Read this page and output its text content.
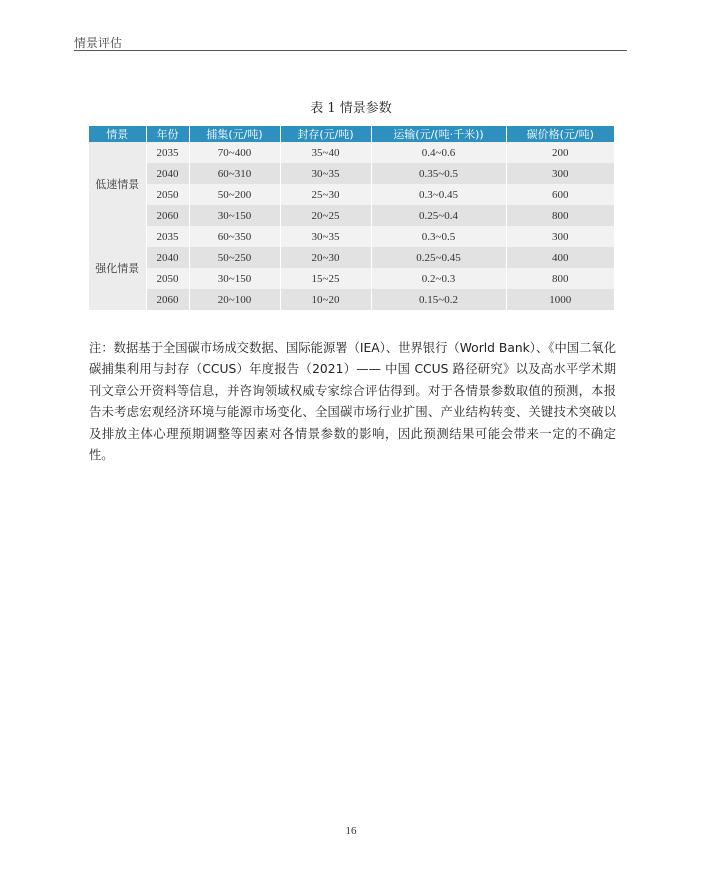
情景评估
表 1 情景参数
情景	年份	捕集(元/吨)	封存(元/吨)	运输(元/(吨·千米))	碳价格(元/吨)
低速情景	2035	70~400	35~40	0.4~0.6	200
	2040	60~310	30~35	0.35~0.5	300
	2050	50~200	25~30	0.3~0.45	600
	2060	30~150	20~25	0.25~0.4	800
强化情景	2035	60~350	30~35	0.3~0.5	300
	2040	50~250	20~30	0.25~0.45	400
	2050	30~150	15~25	0.2~0.3	800
	2060	20~100	10~20	0.15~0.2	1000
注：数据基于全国碳市场成交数据、国际能源署（IEA）、世界银行（World Bank）、《中国二氧化碳捕集利用与封存（CCUS）年度报告（2021）—— 中国 CCUS 路径研究》以及高水平学术期刊文章公开资料等信息，并咨询领域权威专家综合评估得到。对于各情景参数取值的预测，本报告未考虑宏观经济环境与能源市场变化、全国碳市场行业扩围、产业结构转变、关键技术突破以及排放主体心理预期调整等因素对各情景参数的影响，因此预测结果可能会带来一定的不确定性。
16
